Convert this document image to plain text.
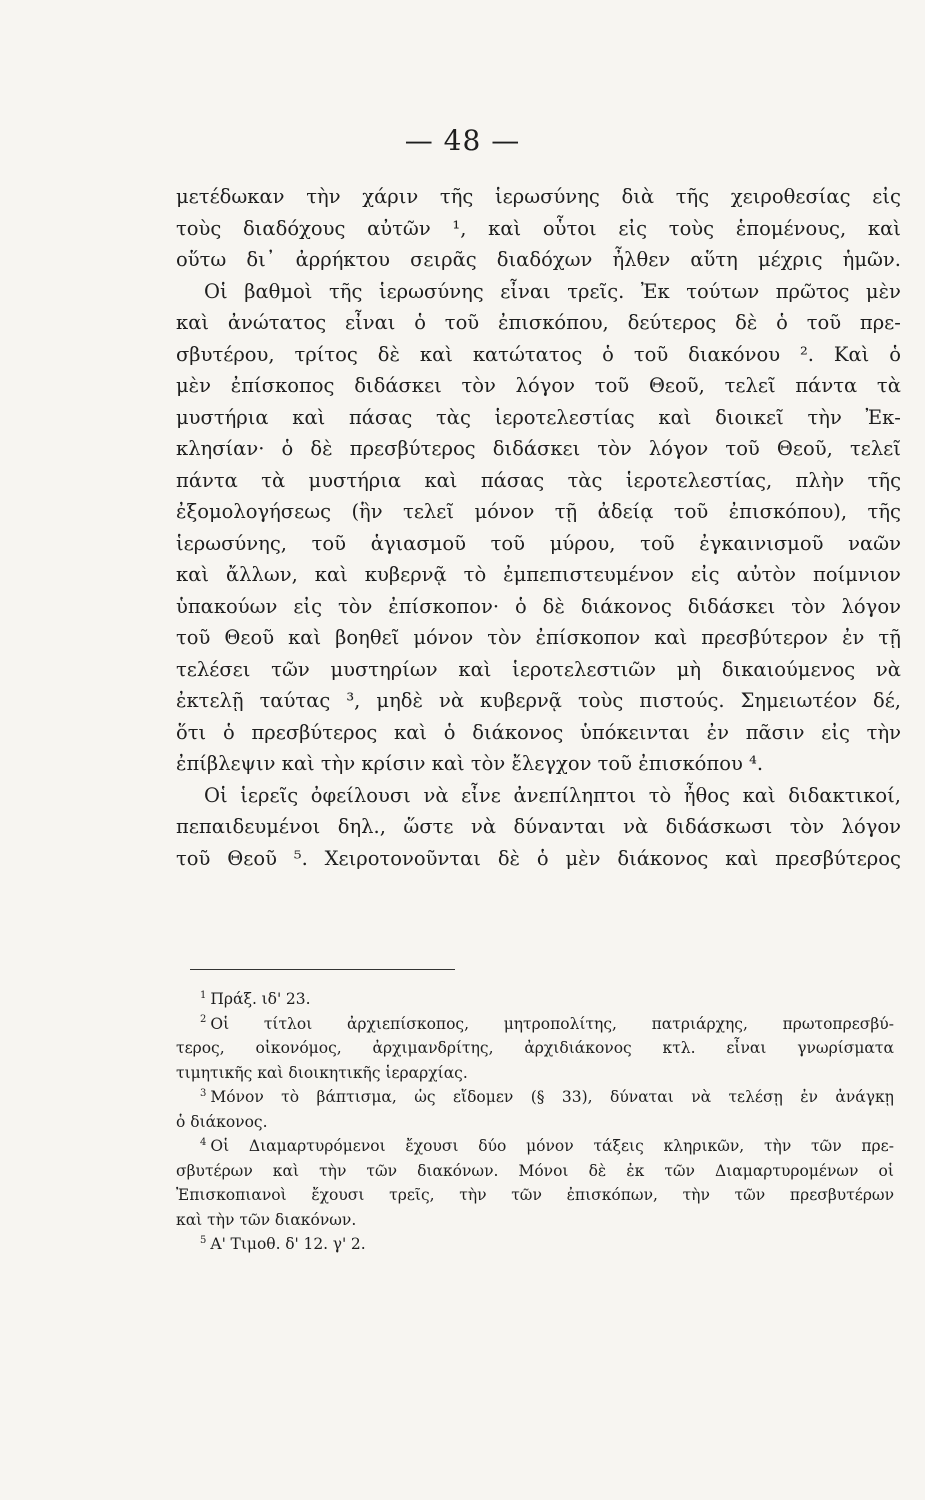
— 48 —
μετέδωκαν τὴν χάριν τῆς ἱερωσύνης διὰ τῆς χειροθεσίας εἰς
τοὺς διαδόχους αὐτῶν ¹, καὶ οὗτοι εἰς τοὺς ἑπομένους, καὶ
οὕτω δι᾿ ἀρρήκτου σειρᾶς διαδόχων ἦλθεν αὕτη μέχρις ἡμῶν.
Οἱ βαθμοὶ τῆς ἱερωσύνης εἶναι τρεῖς. Ἐκ τούτων πρῶτος μὲν
καὶ ἀνώτατος εἶναι ὁ τοῦ ἐπισκόπου, δεύτερος δὲ ὁ τοῦ πρε-
σβυτέρου, τρίτος δὲ καὶ κατώτατος ὁ τοῦ διακόνου ². Καὶ ὁ
μὲν ἐπίσκοπος διδάσκει τὸν λόγον τοῦ Θεοῦ, τελεῖ πάντα τὰ
μυστήρια καὶ πάσας τὰς ἱεροτελεστίας καὶ διοικεῖ τὴν Ἐκ-
κλησίαν· ὁ δὲ πρεσβύτερος διδάσκει τὸν λόγον τοῦ Θεοῦ, τελεῖ
πάντα τὰ μυστήρια καὶ πάσας τὰς ἱεροτελεστίας, πλὴν τῆς
ἐξομολογήσεως (ἣν τελεῖ μόνον τῇ ἀδείᾳ τοῦ ἐπισκόπου), τῆς
ἱερωσύνης, τοῦ ἁγιασμοῦ τοῦ μύρου, τοῦ ἐγκαινισμοῦ ναῶν
καὶ ἄλλων, καὶ κυβερνᾷ τὸ ἐμπεπιστευμένον εἰς αὐτὸν ποίμνιον
ὑπακούων εἰς τὸν ἐπίσκοπον· ὁ δὲ διάκονος διδάσκει τὸν λόγον
τοῦ Θεοῦ καὶ βοηθεῖ μόνον τὸν ἐπίσκοπον καὶ πρεσβύτερον ἐν τῇ
τελέσει τῶν μυστηρίων καὶ ἱεροτελεστιῶν μὴ δικαιούμενος νὰ
ἐκτελῇ ταύτας ³, μηδὲ νὰ κυβερνᾷ τοὺς πιστούς. Σημειωτέον δέ,
ὅτι ὁ πρεσβύτερος καὶ ὁ διάκονος ὑπόκεινται ἐν πᾶσιν εἰς τὴν
ἐπίβλεψιν καὶ τὴν κρίσιν καὶ τὸν ἔλεγχον τοῦ ἐπισκόπου ⁴.
Οἱ ἱερεῖς ὀφείλουσι νὰ εἶνε ἀνεπίληπτοι τὸ ἦθος καὶ διδακτικοί,
πεπαιδευμένοι δηλ., ὥστε νὰ δύνανται νὰ διδάσκωσι τὸν λόγον
τοῦ Θεοῦ ⁵. Χειροτονοῦνται δὲ ὁ μὲν διάκονος καὶ πρεσβύτερος
$^1$ Πράξ. ιδ' 23.
$^2$ Οἱ τίτλοι ἀρχιεπίσκοπος, μητροπολίτης, πατριάρχης, πρωτοπρεσβύ-
τερος, οἰκονόμος, ἀρχιμανδρίτης, ἀρχιδιάκονος κτλ. εἶναι γνωρίσματα
τιμητικῆς καὶ διοικητικῆς ἱεραρχίας.
$^3$ Μόνον τὸ βάπτισμα, ὡς εἴδομεν (§ 33), δύναται νὰ τελέσῃ ἐν ἀνάγκῃ
ὁ διάκονος.
$^4$ Οἱ Διαμαρτυρόμενοι ἔχουσι δύο μόνον τάξεις κληρικῶν, τὴν τῶν πρε-
σβυτέρων καὶ τὴν τῶν διακόνων. Μόνοι δὲ ἐκ τῶν Διαμαρτυρομένων οἱ
Ἐπισκοπιανοὶ ἔχουσι τρεῖς, τὴν τῶν ἐπισκόπων, τὴν τῶν πρεσβυτέρων
καὶ τὴν τῶν διακόνων.
$^5$ Α' Τιμοθ. δ' 12. γ' 2.
